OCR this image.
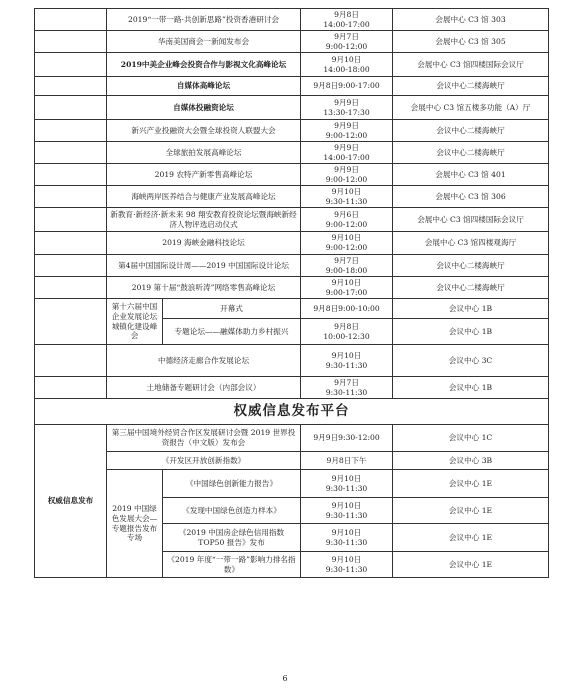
	2019“一带一路·共创新思路”投资香港研讨会		9月8日
14:00-17:00	会展中心 C3 馆 303
	华南美国商会一新闻发布会		9月7日
9:00-12:00	会展中心 C3 馆 305
	2019中美企业峰会投资合作与影视文化高峰论坛		9月10日
14:00-18:00	会展中心 C3 馆四楼国际会议厅
	自媒体高峰论坛		9月8日9:00-17:00	会议中心二楼海峡厅
	自媒体投融资论坛		9月9日
13:30-17:30	会展中心 C3 馆五楼多功能（A）厅
	新兴产业投融资大会暨全球投资人联盟大会		9月9日
9:00-12:00	会议中心二楼海峡厅
	全球旅拍发展高峰论坛		9月9日
14:00-17:00	会议中心二楼海峡厅
	2019 农特产新零售高峰论坛		9月9日
9:00-12:00	会展中心 C3 馆 401
	海峡两岸医养结合与健康产业发展高峰论坛		9月10日
9:30-11:30	会展中心 C3 馆 306
	新教育·新经济·新未来 98 翔安教育投资论坛暨海峡新经济人物评选启动仪式		9月6日
9:00-12:00	会展中心 C3 馆四楼国际会议厅
	2019 海峡金融科技论坛		9月10日
9:00-12:00	会展中心 C3 馆四楼观海厅
	第4届中国国际设计周——2019 中国国际设计论坛		9月7日
9:00-18:00	会议中心二楼海峡厅
	2019 第十届“鼓浪听涛”网络零售高峰论坛		9月10日
9:00-17:00	会议中心二楼海峡厅
	第十六届中国企业发展论坛城镇化建设峰会	开幕式	9月8日9:00-10:00	会议中心 1B
		专题论坛——融媒体助力乡村振兴	9月8日
10:00-12:30	会议中心 1B
	中德经济走廊合作发展论坛		9月10日
9:30-11:30	会议中心 3C
	土地储备专题研讨会（内部会议）		9月7日
9:30-11:30	会议中心 1B
权威信息发布平台				
权威信息发布	第三届中国境外经贸合作区发展研讨会暨 2019 世界投资报告（中文版）发布会		9月9日9:30-12:00	会议中心 1C
	《开发区开放创新指数》		9月8日下午	会议中心 3B
	2019 中国绿色发展大会—专题报告发布专场	《中国绿色创新能力报告》	9月10日
9:30-11:30	会议中心 1E
		《发现中国绿色创造力样本》	9月10日
9:30-11:30	会议中心 1E
		《2019 中国房企绿色信用指数 TOP50 报告》发布	9月10日
9:30-11:30	会议中心 1E
		《2019 年度“一带一路”影响力排名指数》	9月10日
9:30-11:30	会议中心 1E
6
